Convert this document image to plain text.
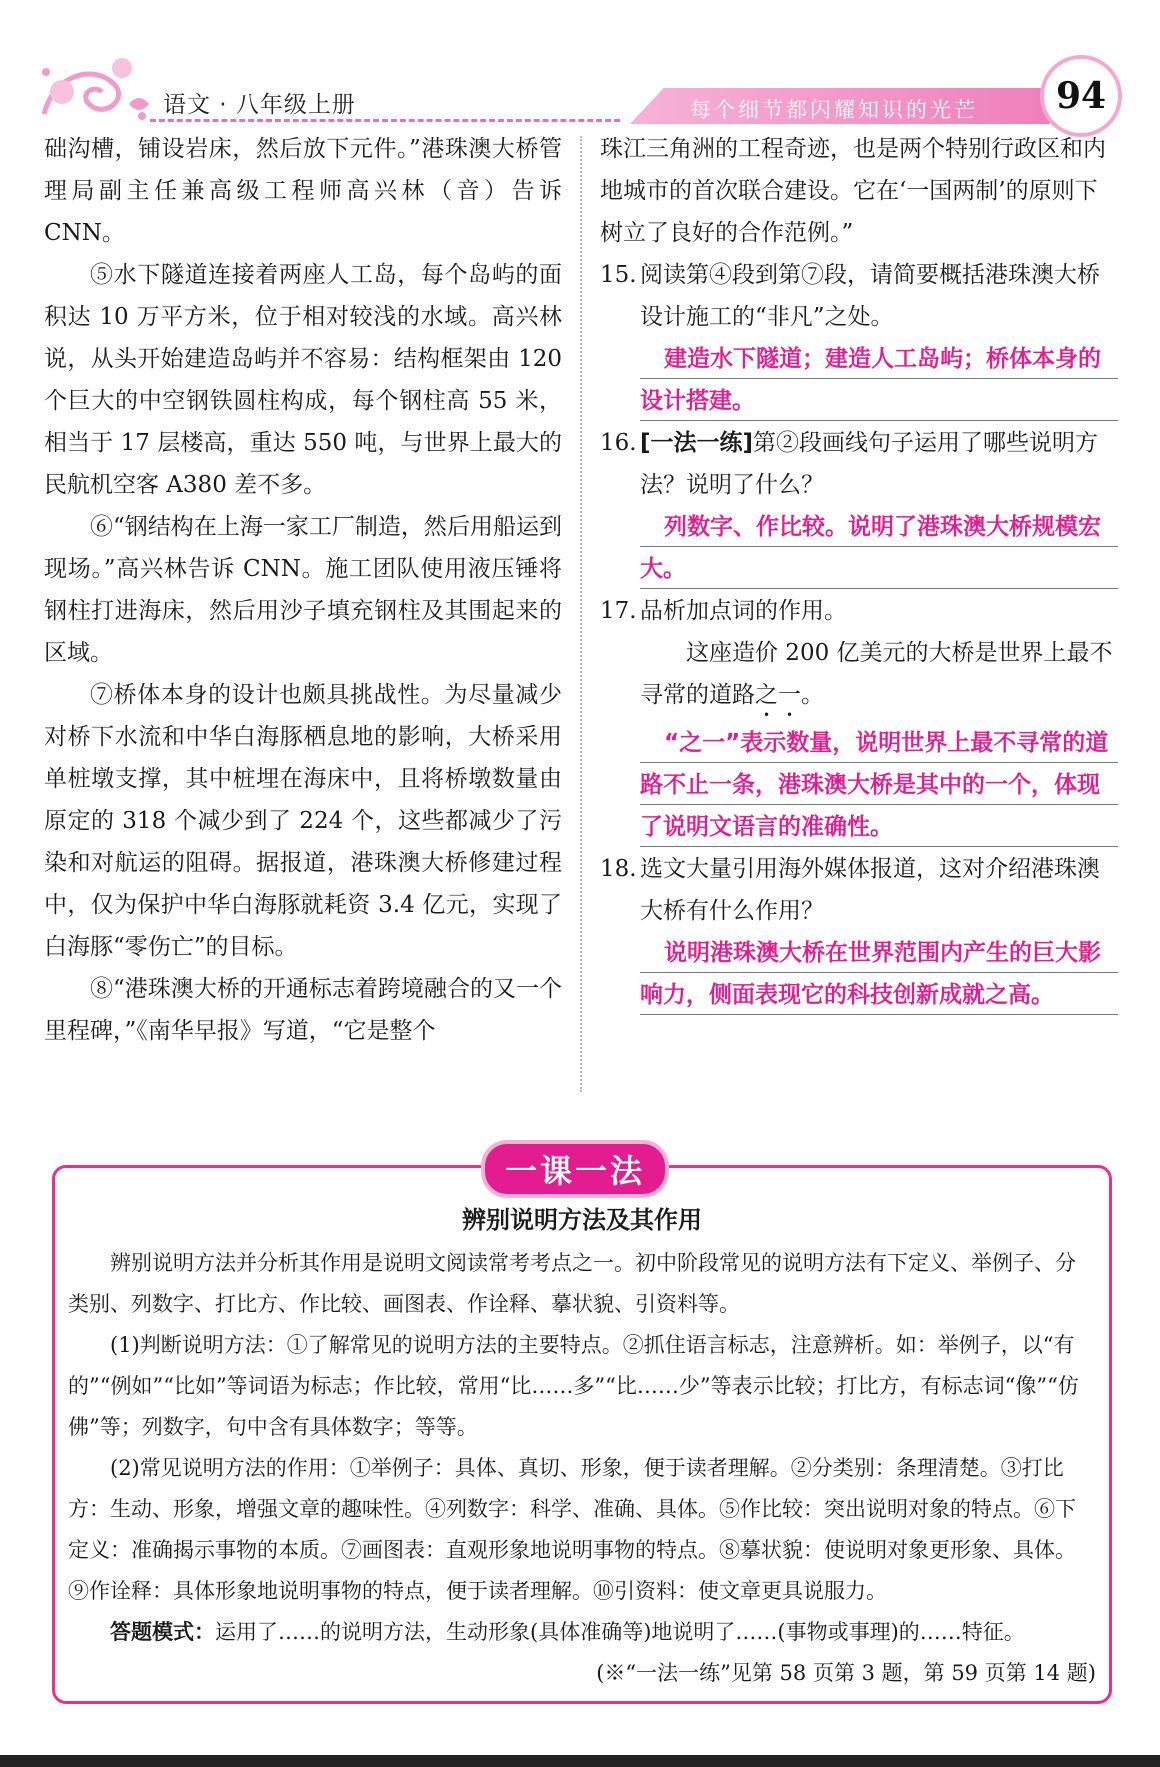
语文 · 八年级上册	每个细节都闪耀知识的光芒	94

础沟槽，铺设岩床，然后放下元件。”港珠澳大桥管理局副主任兼高级工程师高兴林（音）告诉 CNN。

⑤水下隧道连接着两座人工岛，每个岛屿的面积达 10 万平方米，位于相对较浅的水域。高兴林说，从头开始建造岛屿并不容易：结构框架由 120 个巨大的中空钢铁圆柱构成，每个钢柱高 55 米，相当于 17 层楼高，重达 550 吨，与世界上最大的民航机空客 A380 差不多。

⑥“钢结构在上海一家工厂制造，然后用船运到现场。”高兴林告诉 CNN。施工团队使用液压锤将钢柱打进海床，然后用沙子填充钢柱及其围起来的区域。

⑦桥体本身的设计也颇具挑战性。为尽量减少对桥下水流和中华白海豚栖息地的影响，大桥采用单桩墩支撑，其中桩埋在海床中，且将桥墩数量由原定的 318 个减少到了 224 个，这些都减少了污染和对航运的阻碍。据报道，港珠澳大桥修建过程中，仅为保护中华白海豚就耗资 3.4 亿元，实现了白海豚“零伤亡”的目标。

⑧“港珠澳大桥的开通标志着跨境融合的又一个里程碑，”《南华早报》写道，“它是整个

珠江三角洲的工程奇迹，也是两个特别行政区和内地城市的首次联合建设。它在‘一国两制’的原则下树立了良好的合作范例。”

15. 阅读第④段到第⑦段，请简要概括港珠澳大桥设计施工的“非凡”之处。
建造水下隧道；建造人工岛屿；桥体本身的设计搭建。
16. [一法一练]第②段画线句子运用了哪些说明方法？说明了什么？
列数字、作比较。说明了港珠澳大桥规模宏大。
17. 品析加点词的作用。

这座造价 200 亿美元的大桥是世界上最不寻常的道路之一。

“之一”表示数量，说明世界上最不寻常的道路不止一条，港珠澳大桥是其中的一个，体现了说明文语言的准确性。
18. 选文大量引用海外媒体报道，这对介绍港珠澳大桥有什么作用？
说明港珠澳大桥在世界范围内产生的巨大影响力，侧面表现它的科技创新成就之高。
一课一法

辨别说明方法及其作用

辨别说明方法并分析其作用是说明文阅读常考考点之一。初中阶段常见的说明方法有下定义、举例子、分类别、列数字、打比方、作比较、画图表、作诠释、摹状貌、引资料等。

(1)判断说明方法：①了解常见的说明方法的主要特点。②抓住语言标志，注意辨析。如：举例子，以“有的”“例如”“比如”等词语为标志；作比较，常用“比……多”“比……少”等表示比较；打比方，有标志词“像”“仿佛”等；列数字，句中含有具体数字；等等。

(2)常见说明方法的作用：①举例子：具体、真切、形象，便于读者理解。②分类别：条理清楚。③打比方：生动、形象，增强文章的趣味性。④列数字：科学、准确、具体。⑤作比较：突出说明对象的特点。⑥下定义：准确揭示事物的本质。⑦画图表：直观形象地说明事物的特点。⑧摹状貌：使说明对象更形象、具体。⑨作诠释：具体形象地说明事物的特点，便于读者理解。⑩引资料：使文章更具说服力。

答题模式：运用了……的说明方法，生动形象(具体准确等)地说明了……(事物或事理)的……特征。

(※“一法一练”见第 58 页第 3 题，第 59 页第 14 题)
